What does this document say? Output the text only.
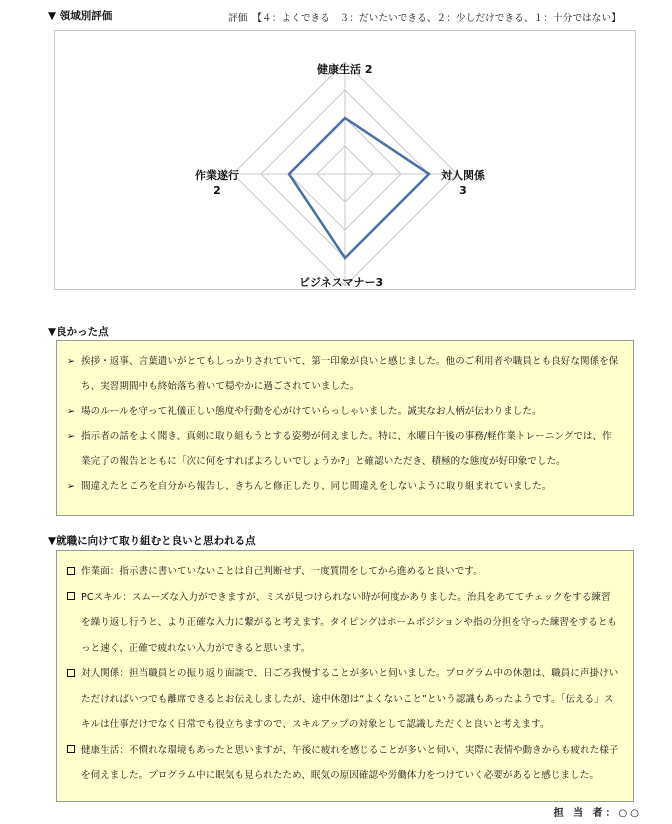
▼ 領域別評価	評価　 【４：よくできる　３：だいたいできる、２：少しだけできる、１：十分ではない】
健康生活 2
対人関係
3
ビジネスマナー3
作業遂行
2
▼良かった点
➢ 挨拶・返事、言葉遣いがとてもしっかりされていて、第一印象が良いと感じました。他のご利用者や職員とも良好な関係を保ち、実習期間中も終始落ち着いて穏やかに過ごされていました。
➢ 場のルールを守って礼儀正しい態度や行動を心がけていらっしゃいました。誠実なお人柄が伝わりました。
➢ 指示者の話をよく聞き、真剣に取り組もうとする姿勢が伺えました。特に、水曜日午後の事務/軽作業トレーニングでは、作業完了の報告とともに「次に何をすればよろしいでしょうか?」と確認いただき、積極的な態度が好印象でした。
➢ 間違えたところを自分から報告し、きちんと修正したり、同じ間違えをしないように取り組まれていました。
▼就職に向けて取り組むと良いと思われる点
作業面：指示書に書いていないことは自己判断せず、一度質問をしてから進めると良いです。
PCスキル：スムーズな入力ができますが、ミスが見つけられない時が何度かありました。治具をあててチェックをする練習を繰り返し行うと、より正確な入力に繋がると考えます。タイピングはホームポジションや指の分担を守った練習をするともっと速く、正確で疲れない入力ができると思います。
対人関係：担当職員との振り返り面談で、日ごろ我慢することが多いと伺いました。プログラム中の休憩は、職員に声掛けいただければいつでも離席できるとお伝えしましたが、途中休憩は“よくないこと”という認識もあったようです。「伝える」スキルは仕事だけでなく日常でも役立ちますので、スキルアップの対象として認識しただくと良いと考えます。
健康生活：不慣れな環境もあったと思いますが、午後に疲れを感じることが多いと伺い、実際に表情や動きからも疲れた様子を伺えました。プログラム中に眠気も見られたため、眠気の原因確認や労働体力をつけていく必要があると感じました。
担 当 者：○○
